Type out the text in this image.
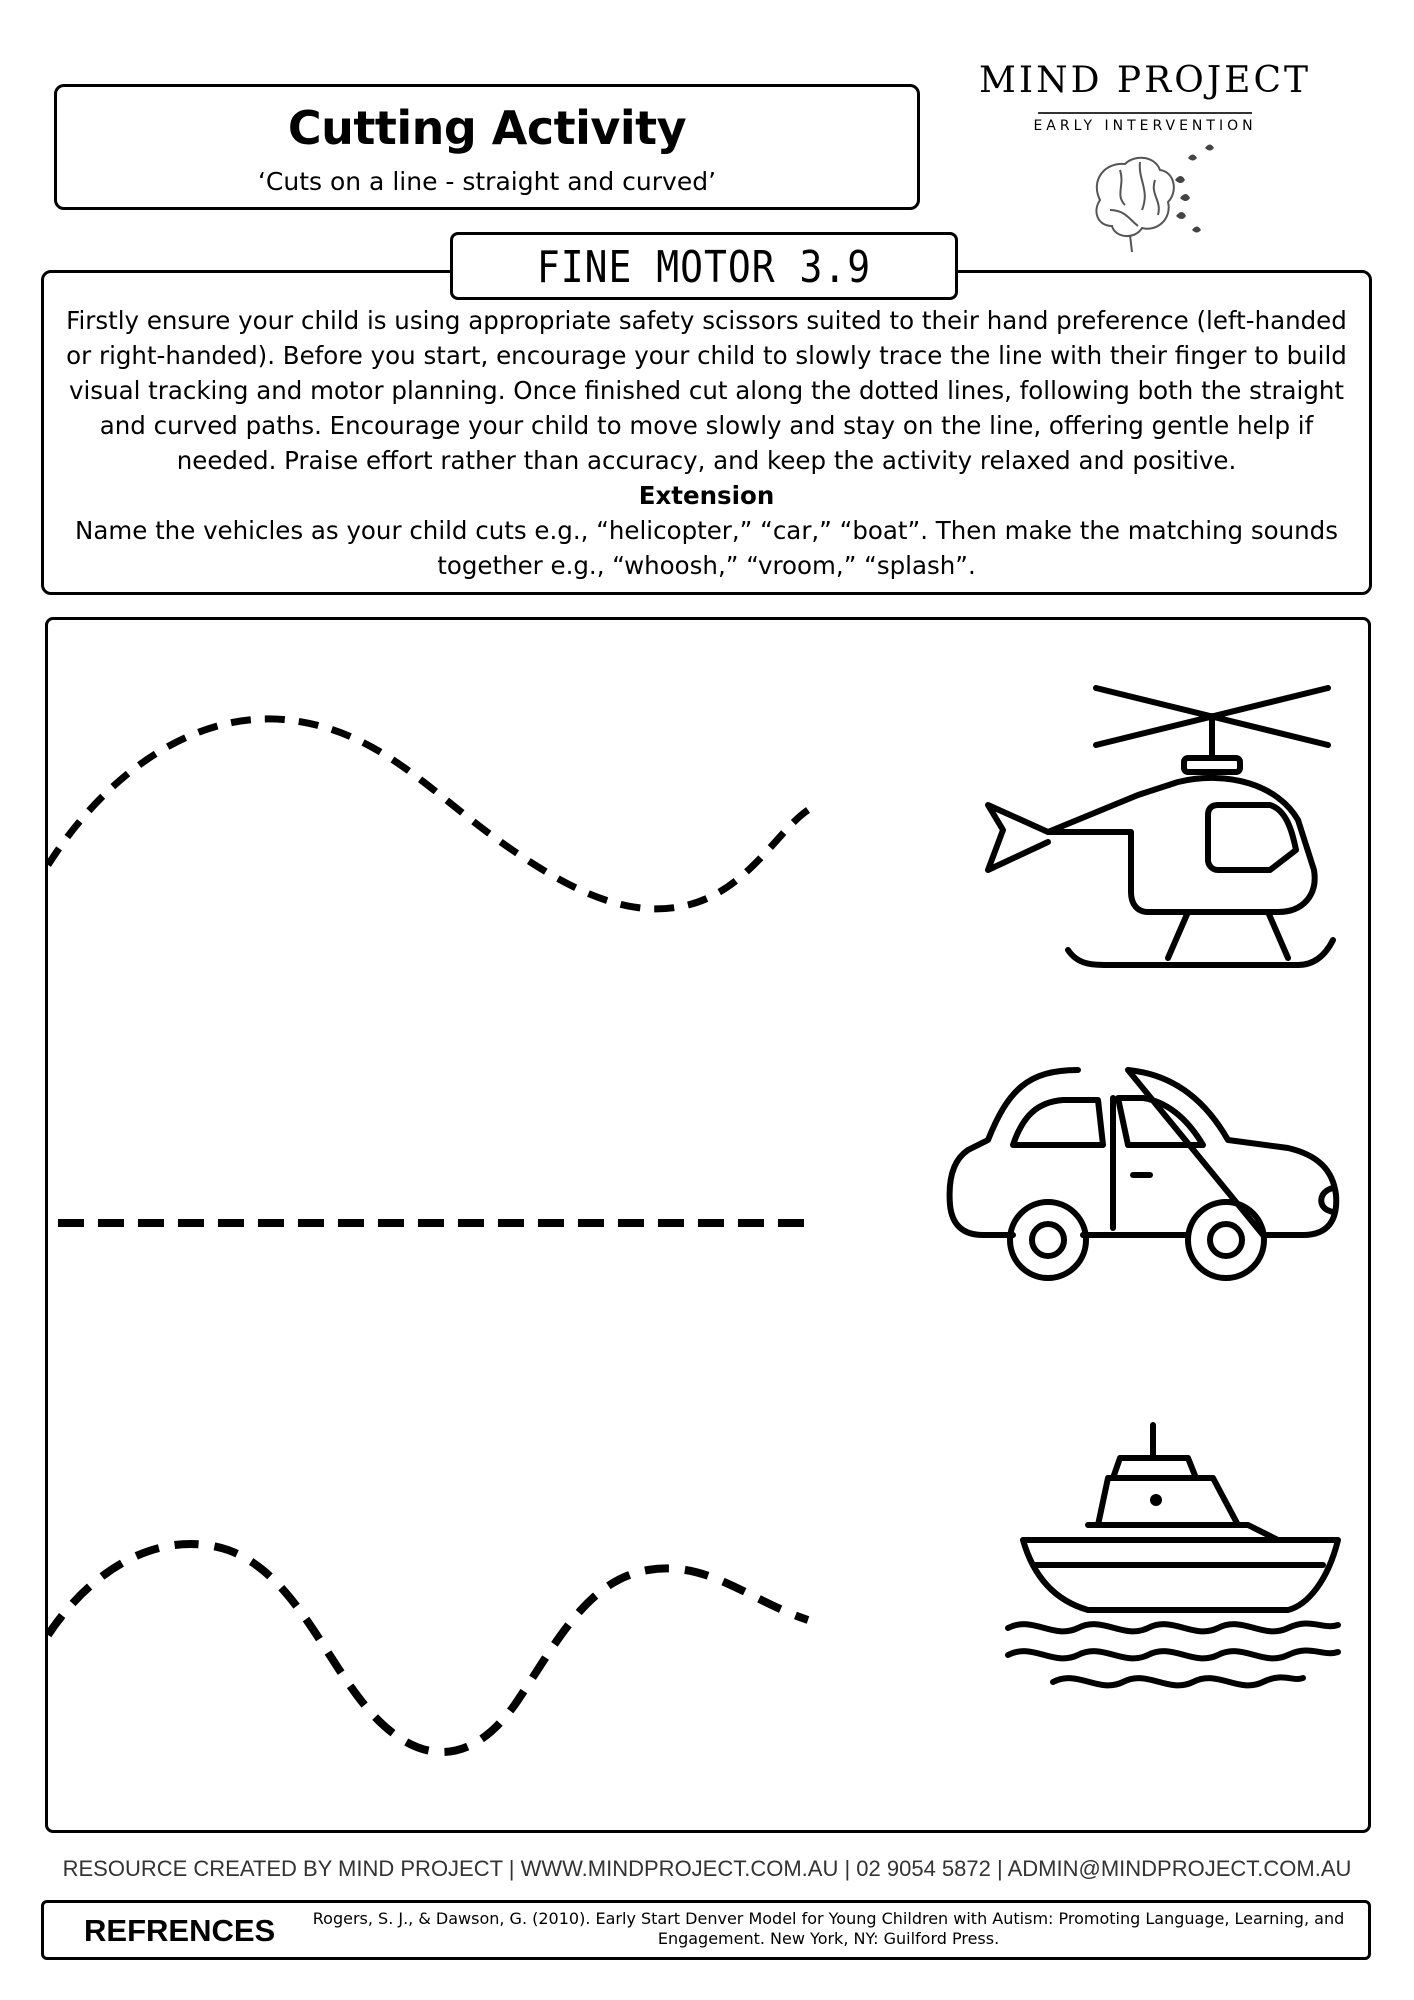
Cutting Activity
‘Cuts on a line - straight and curved’
MIND PROJECT
EARLY INTERVENTION
Firstly ensure your child is using appropriate safety scissors suited to their hand preference (left-handed or right-handed). Before you start, encourage your child to slowly trace the line with their finger to build visual tracking and motor planning. Once finished cut along the dotted lines, following both the straight and curved paths. Encourage your child to move slowly and stay on the line, offering gentle help if needed. Praise effort rather than accuracy, and keep the activity relaxed and positive.
Extension
Name the vehicles as your child cuts e.g., “helicopter,” “car,” “boat”. Then make the matching sounds together e.g., “whoosh,” “vroom,” “splash”.
FINE MOTOR 3.9
RESOURCE CREATED BY MIND PROJECT | WWW.MINDPROJECT.COM.AU | 02 9054 5872 | ADMIN@MINDPROJECT.COM.AU
REFRENCES Rogers, S. J., & Dawson, G. (2010). Early Start Denver Model for Young Children with Autism: Promoting Language, Learning, and Engagement. New York, NY: Guilford Press.
